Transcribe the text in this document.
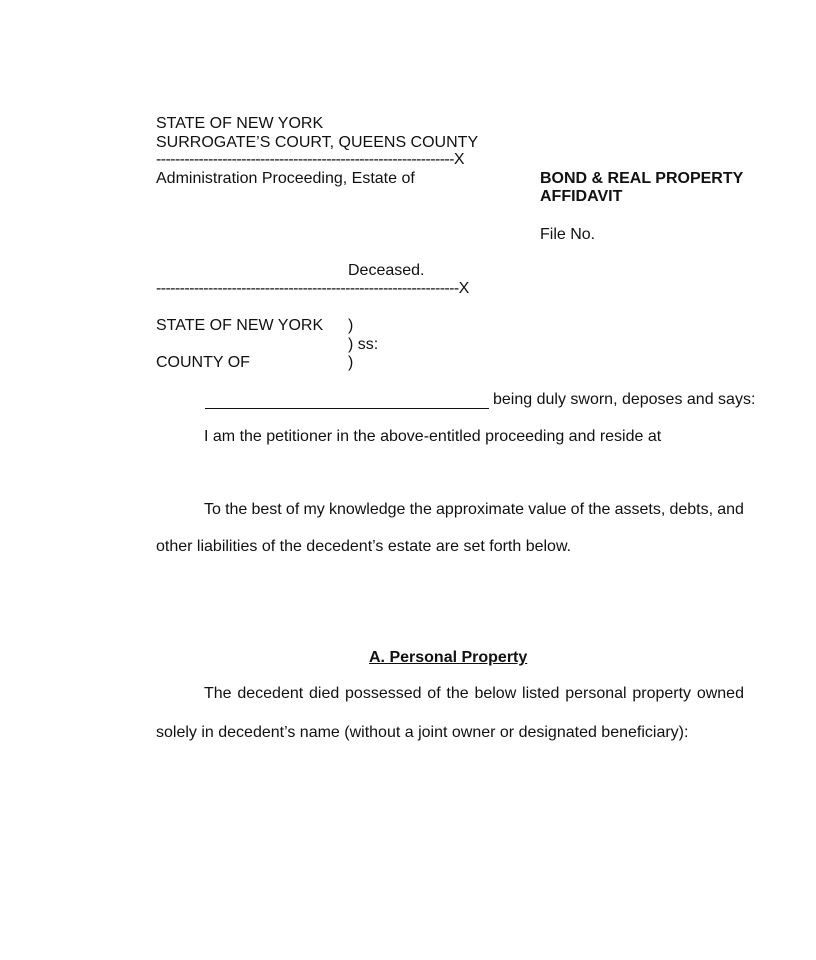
STATE OF NEW YORK
SURROGATE’S COURT, QUEENS COUNTY
---------------------------------------------------------------X
Administration Proceeding, Estate of
Deceased.
----------------------------------------------------------------X
BOND & REAL PROPERTY
AFFIDAVIT
File No.
STATE OF NEW YORK )
) ss:
COUNTY OF	)
being duly sworn, deposes and says:
I am the petitioner in the above-entitled proceeding and reside at
To the best of my knowledge the approximate value of the assets, debts, and
other liabilities of the decedent’s estate are set forth below.
A. Personal Property
The decedent died possessed of the below listed personal property owned
solely in decedent’s name (without a joint owner or designated beneficiary):
